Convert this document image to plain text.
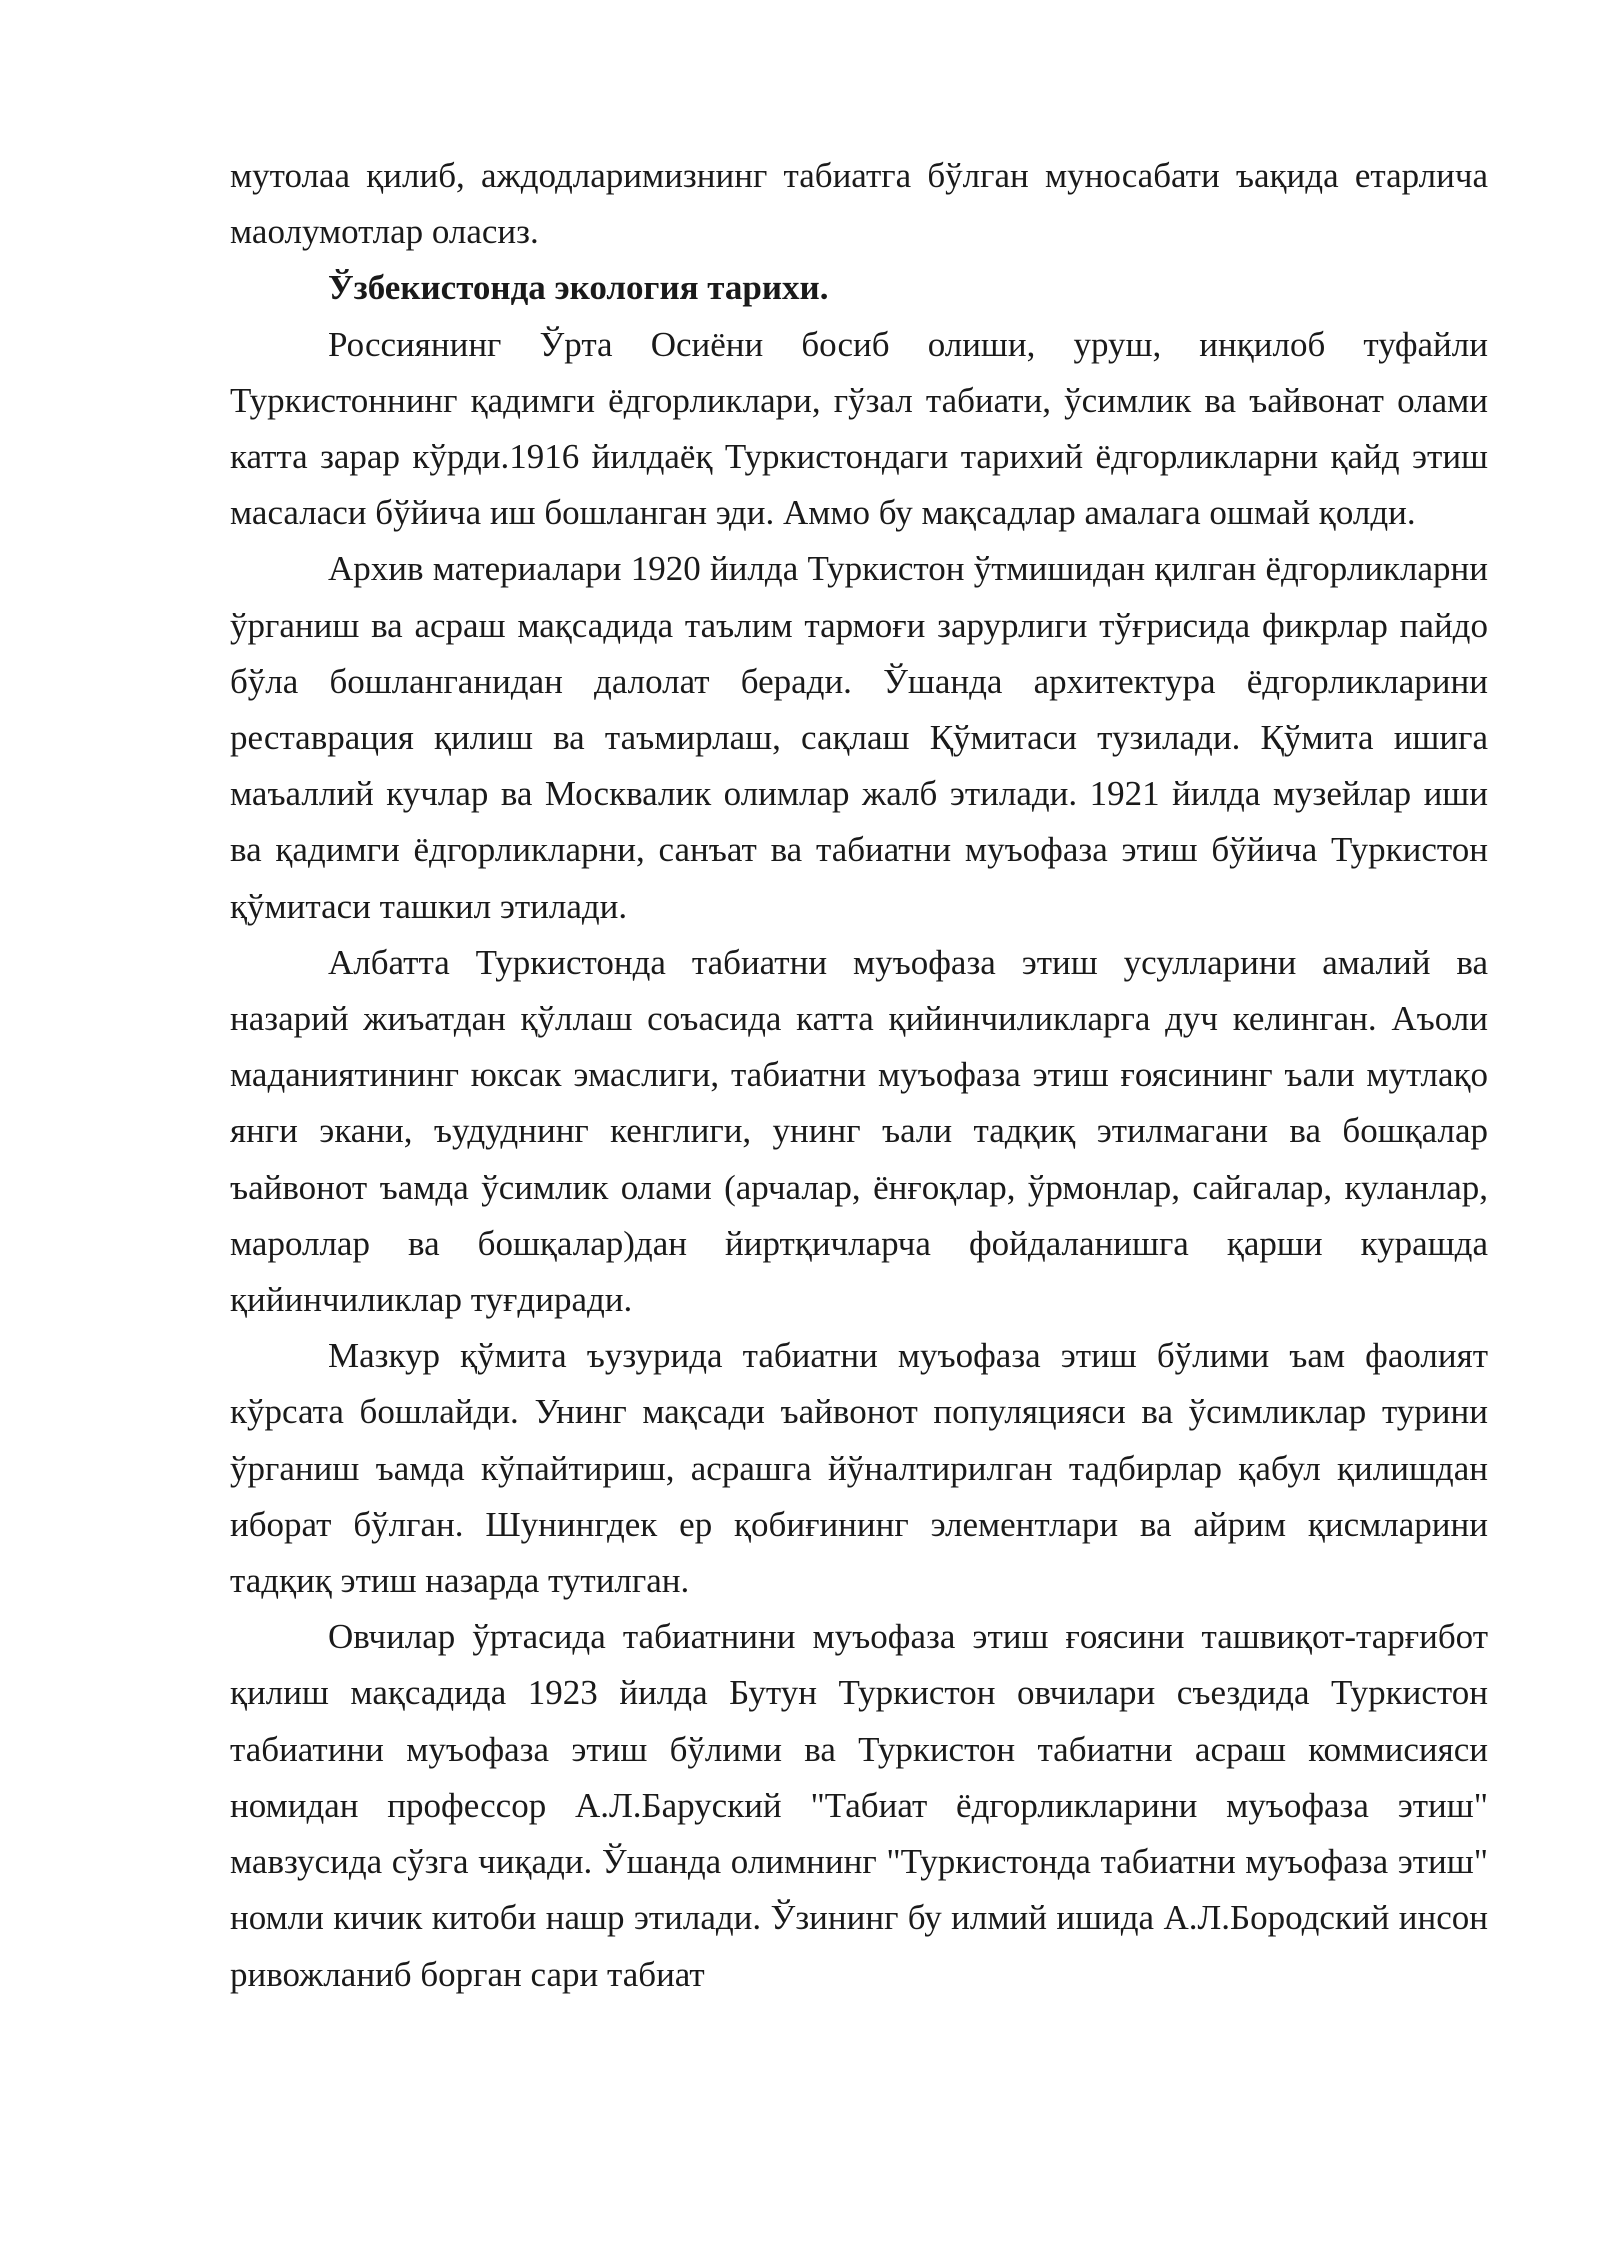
мутолаа қилиб, аждодларимизнинг табиатга бўлган муносабати ъақида етарлича маолумотлар оласиз.

Ўзбекистонда экология тарихи.

Россиянинг Ўрта Осиёни босиб олиши, уруш, инқилоб туфайли Туркистоннинг қадимги ёдгорликлари, гўзал табиати, ўсимлик ва ъайвонат олами катта зарар кўрди.1916 йилдаёқ Туркистондаги тарихий ёдгорликларни қайд этиш масаласи бўйича иш бошланган эди. Аммо бу мақсадлар амалага ошмай қолди.

Архив материалари 1920 йилда Туркистон ўтмишидан қилган ёдгорликларни ўрганиш ва асраш мақсадида таълим тармоғи зарурлиги тўғрисида фикрлар пайдо бўла бошланганидан далолат беради. Ўшанда архитектура ёдгорликларини реставрация қилиш ва таъмирлаш, сақлаш Қўмитаси тузилади. Қўмита ишига маъаллий кучлар ва Москвалик олимлар жалб этилади. 1921 йилда музейлар иши ва қадимги ёдгорликларни, санъат ва табиатни муъофаза этиш бўйича Туркистон қўмитаси ташкил этилади.

Албатта Туркистонда табиатни муъофаза этиш усулларини амалий ва назарий жиъатдан қўллаш соъасида катта қийинчиликларга дуч келинган. Аъоли маданиятининг юксак эмаслиги, табиатни муъофаза этиш ғоясининг ъали мутлақо янги экани, ъудуднинг кенглиги, унинг ъали тадқиқ этилмагани ва бошқалар ъайвонот ъамда ўсимлик олами (арчалар, ёнғоқлар, ўрмонлар, сайгалар, куланлар, мароллар ва бошқалар)дан йиртқичларча фойдаланишга қарши курашда қийинчиликлар туғдиради.

Мазкур қўмита ъузурида табиатни муъофаза этиш бўлими ъам фаолият кўрсата бошлайди. Унинг мақсади ъайвонот популяцияси ва ўсимликлар турини ўрганиш ъамда кўпайтириш, асрашга йўналтирилган тадбирлар қабул қилишдан иборат бўлган. Шунингдек ер қобиғининг элементлари ва айрим қисмларини тадқиқ этиш назарда тутилган.

Овчилар ўртасида табиатнини муъофаза этиш ғоясини ташвиқот-тарғибот қилиш мақсадида 1923 йилда Бутун Туркистон овчилари съездида Туркистон табиатини муъофаза этиш бўлими ва Туркистон табиатни асраш коммисияси номидан профессор А.Л.Баруский "Табиат ёдгорликларини муъофаза этиш" мавзусида сўзга чиқади. Ўшанда олимнинг "Туркистонда табиатни муъофаза этиш" номли кичик китоби нашр этилади. Ўзининг бу илмий ишида А.Л.Бородский инсон ривожланиб борган сари табиат
